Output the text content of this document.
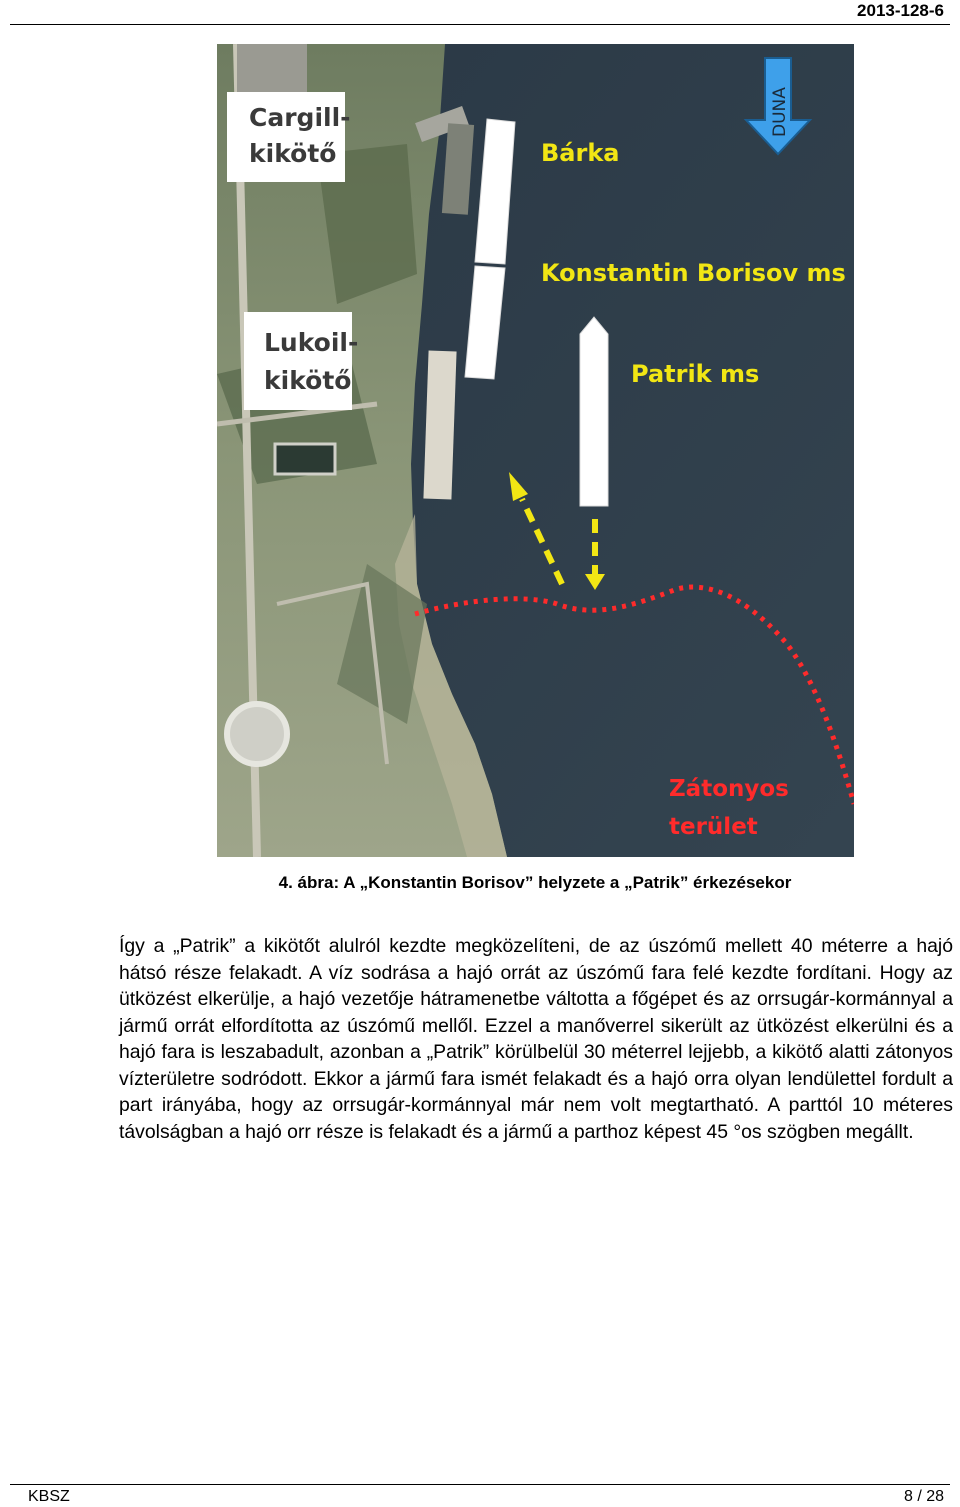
2013-128-6
DUNA
Cargill-
kikötő
Lukoil-
kikötő
Bárka
Konstantin Borisov ms
Patrik ms
Zátonyos
terület
4. ábra: A „Konstantin Borisov” helyzete a „Patrik” érkezésekor

Így a „Patrik” a kikötőt alulról kezdte megközelíteni, de az úszómű mellett 40 méterre a hajó hátsó része felakadt. A víz sodrása a hajó orrát az úszómű fara felé kezdte fordítani. Hogy az ütközést elkerülje, a hajó vezetője hátramenetbe váltotta a főgépet és az orrsugár-kormánnyal a jármű orrát elfordította az úszómű mellől. Ezzel a manőverrel sikerült az ütközést elkerülni és a hajó fara is leszabadult, azonban a „Patrik” körülbelül 30 méterrel lejjebb, a kikötő alatti zátonyos vízterületre sodródott. Ekkor a jármű fara ismét felakadt és a hajó orra olyan lendülettel fordult a part irányába, hogy az orrsugár-kormánnyal már nem volt megtartható. A parttól 10 méteres távolságban a hajó orr része is felakadt és a jármű a parthoz képest 45 °os szögben megállt.

KBSZ	8 / 28
